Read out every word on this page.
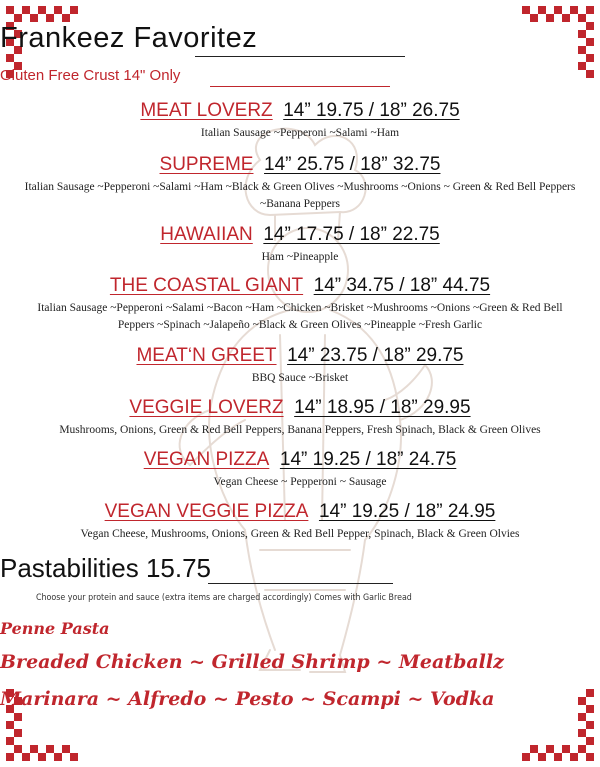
Frankeez Favoritez
Gluten Free Crust 14" Only
MEAT LOVERZ 14” 19.75 / 18” 26.75
Italian Sausage ~Pepperoni ~Salami ~Ham
SUPREME 14” 25.75 / 18” 32.75
Italian Sausage ~Pepperoni ~Salami ~Ham ~Black & Green Olives ~Mushrooms ~Onions ~ Green & Red Bell Peppers ~Banana Peppers
HAWAIIAN 14” 17.75 / 18” 22.75
Ham ~Pineapple
THE COASTAL GIANT 14” 34.75 / 18” 44.75
Italian Sausage ~Pepperoni ~Salami ~Bacon ~Ham ~Chicken ~Brisket ~Mushrooms ~Onions ~Green & Red Bell Peppers ~Spinach ~Jalapeño ~Black & Green Olives ~Pineapple ~Fresh Garlic
MEAT‘N GREET 14” 23.75 / 18” 29.75
BBQ Sauce ~Brisket
VEGGIE LOVERZ 14” 18.95 / 18” 29.95
Mushrooms, Onions, Green & Red Bell Peppers, Banana Peppers, Fresh Spinach, Black & Green Olives
VEGAN PIZZA 14” 19.25 / 18” 24.75
Vegan Cheese ~ Pepperoni ~ Sausage
VEGAN VEGGIE PIZZA 14” 19.25 / 18” 24.95
Vegan Cheese, Mushrooms, Onions, Green & Red Bell Pepper, Spinach, Black & Green Olvies
Pastabilities 15.75
Choose your protein and sauce (extra items are charged accordingly) Comes with Garlic Bread
Penne Pasta
Breaded Chicken ~ Grilled Shrimp ~ Meatballz
Marinara ~ Alfredo ~ Pesto ~ Scampi ~ Vodka
